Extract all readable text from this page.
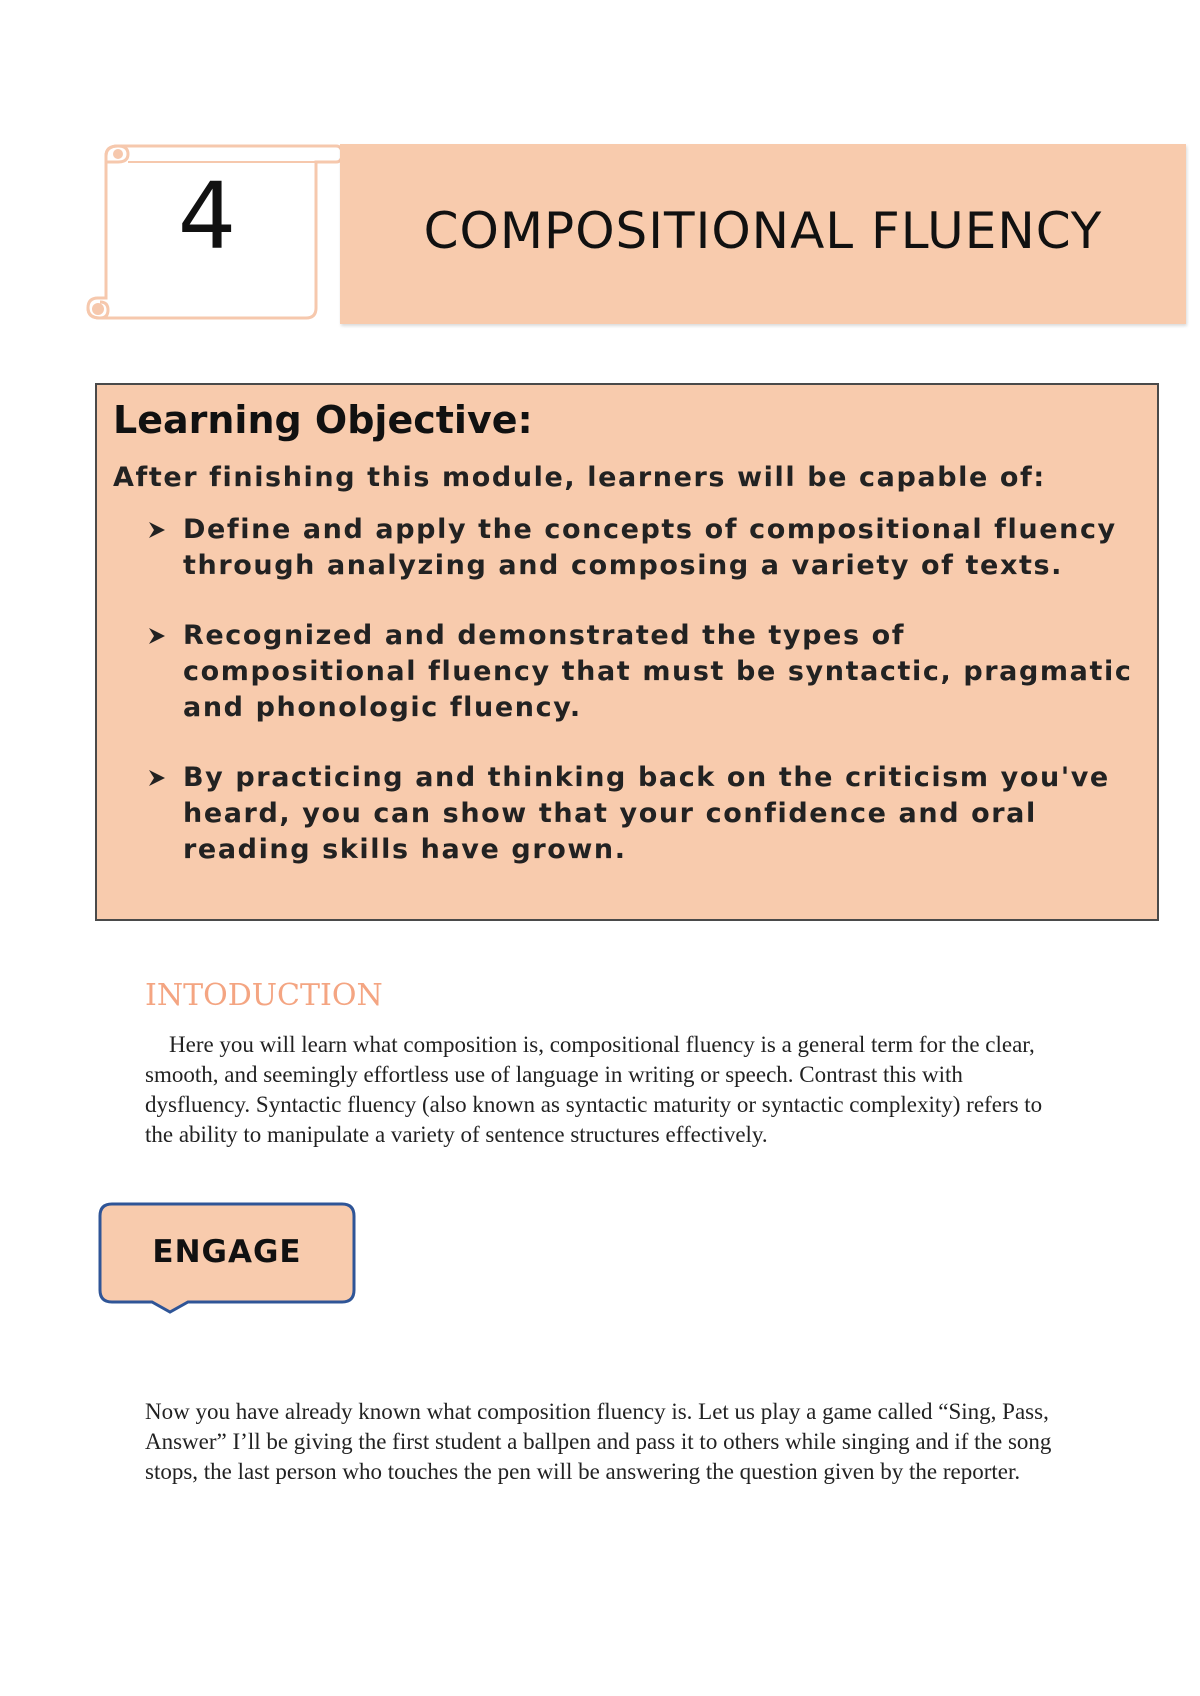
4	COMPOSITIONAL FLUENCY
Learning Objective:
After finishing this module, learners will be capable of:
Define and apply the concepts of compositional fluency through analyzing and composing a variety of texts.
Recognized and demonstrated the types of compositional fluency that must be syntactic, pragmatic and phonologic fluency.
By practicing and thinking back on the criticism you've heard, you can show that your confidence and oral reading skills have grown.
INTODUCTION
Here you will learn what composition is, compositional fluency is a general term for the clear, smooth, and seemingly effortless use of language in writing or speech. Contrast this with dysfluency. Syntactic fluency (also known as syntactic maturity or syntactic complexity) refers to the ability to manipulate a variety of sentence structures effectively.
ENGAGE
Now you have already known what composition fluency is. Let us play a game called “Sing, Pass, Answer” I’ll be giving the first student a ballpen and pass it to others while singing and if the song stops, the last person who touches the pen will be answering the question given by the reporter.
